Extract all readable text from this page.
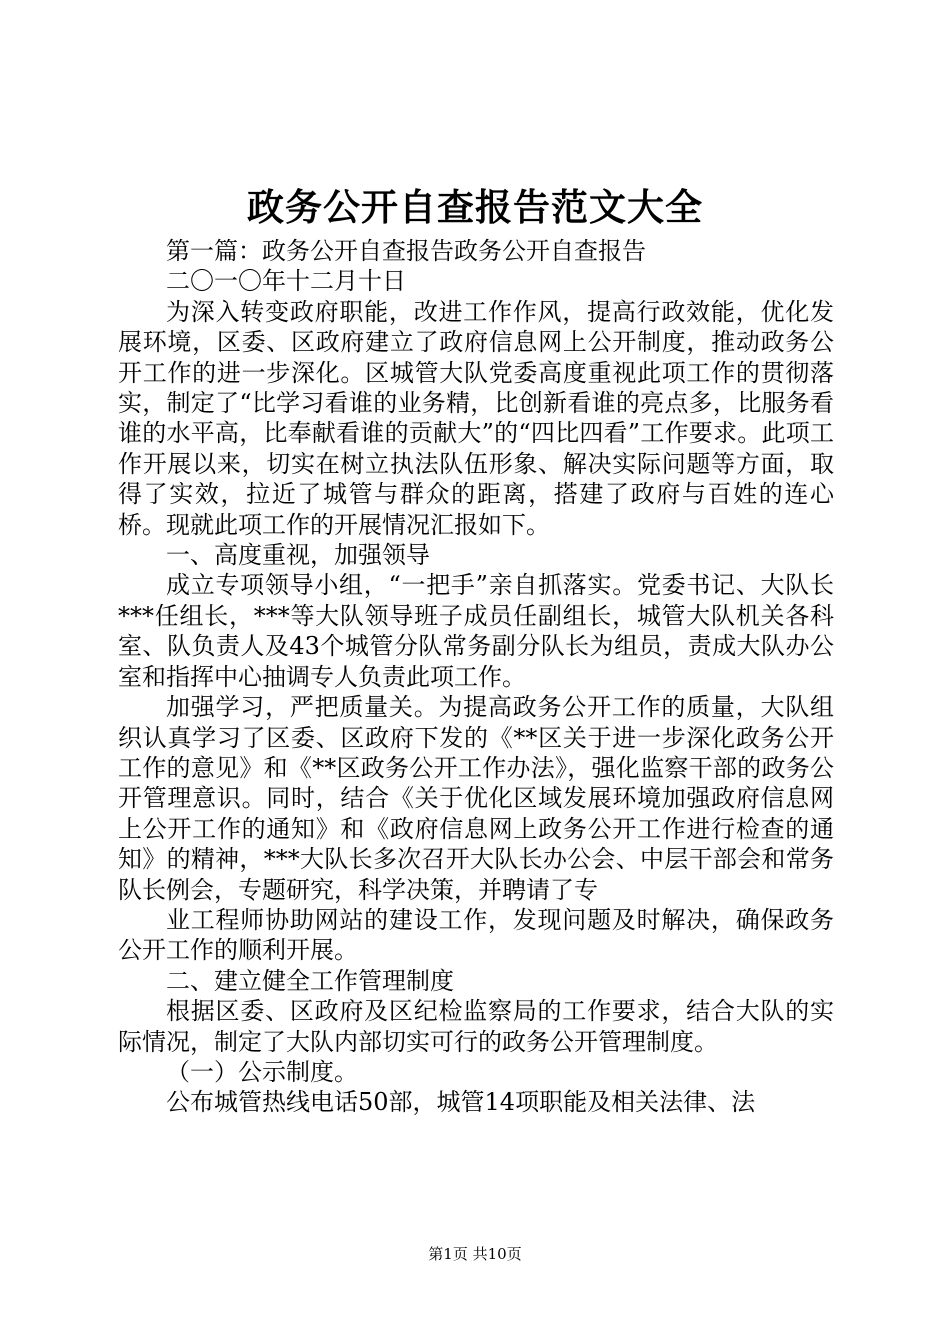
政务公开自查报告范文大全

第一篇：政务公开自查报告政务公开自查报告

二〇一〇年十二月十日

为深入转变政府职能，改进工作作风，提高行政效能，优化发展环境，区委、区政府建立了政府信息网上公开制度，推动政务公开工作的进一步深化。区城管大队党委高度重视此项工作的贯彻落实，制定了“比学习看谁的业务精，比创新看谁的亮点多，比服务看谁的水平高，比奉献看谁的贡献大”的“四比四看”工作要求。此项工作开展以来，切实在树立执法队伍形象、解决实际问题等方面，取得了实效，拉近了城管与群众的距离，搭建了政府与百姓的连心桥。现就此项工作的开展情况汇报如下。

一、高度重视，加强领导

成立专项领导小组，“一把手”亲自抓落实。党委书记、大队长***任组长，***等大队领导班子成员任副组长，城管大队机关各科室、队负责人及43个城管分队常务副分队长为组员，责成大队办公室和指挥中心抽调专人负责此项工作。

加强学习，严把质量关。为提高政务公开工作的质量，大队组织认真学习了区委、区政府下发的《**区关于进一步深化政务公开工作的意见》和《**区政务公开工作办法》，强化监察干部的政务公开管理意识。同时，结合《关于优化区域发展环境加强政府信息网上公开工作的通知》和《政府信息网上政务公开工作进行检查的通知》的精神，***大队长多次召开大队长办公会、中层干部会和常务队长例会，专题研究，科学决策，并聘请了专

业工程师协助网站的建设工作，发现问题及时解决，确保政务公开工作的顺利开展。

二、建立健全工作管理制度

根据区委、区政府及区纪检监察局的工作要求，结合大队的实际情况，制定了大队内部切实可行的政务公开管理制度。

（一）公示制度。

公布城管热线电话50部，城管14项职能及相关法律、法

第1页 共10页
